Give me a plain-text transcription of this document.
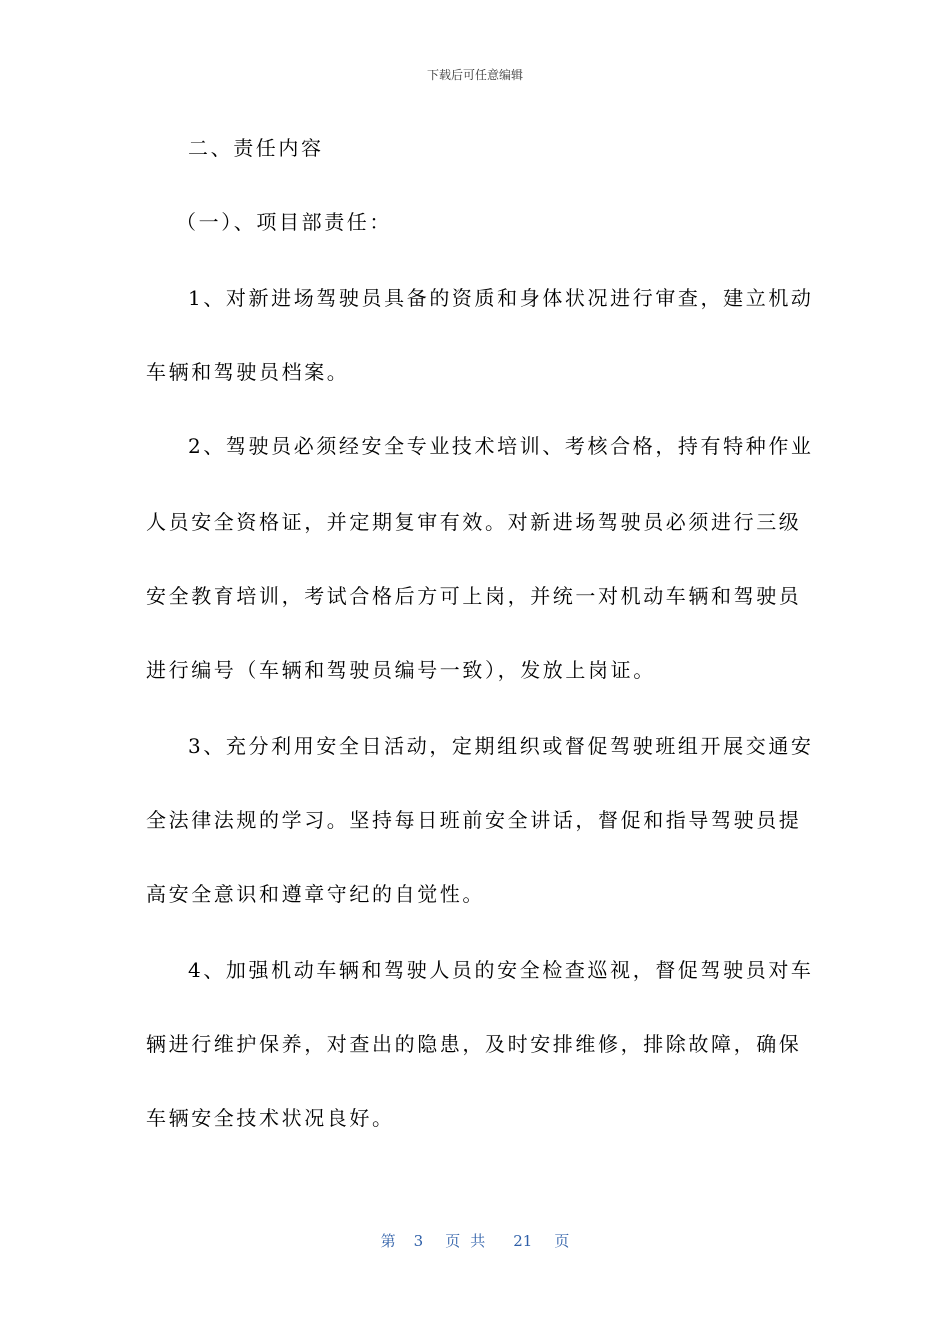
下载后可任意编辑
二、责任内容
（一）、项目部责任：
1、对新进场驾驶员具备的资质和身体状况进行审查，建立机动
车辆和驾驶员档案。
2、驾驶员必须经安全专业技术培训、考核合格，持有特种作业
人员安全资格证，并定期复审有效。对新进场驾驶员必须进行三级
安全教育培训，考试合格后方可上岗，并统一对机动车辆和驾驶员
进行编号（车辆和驾驶员编号一致），发放上岗证。
3、充分利用安全日活动，定期组织或督促驾驶班组开展交通安
全法律法规的学习。坚持每日班前安全讲话，督促和指导驾驶员提
高安全意识和遵章守纪的自觉性。
4、加强机动车辆和驾驶人员的安全检查巡视，督促驾驶员对车
辆进行维护保养，对查出的隐患，及时安排维修，排除故障，确保
车辆安全技术状况良好。
第 3 页共 21 页
